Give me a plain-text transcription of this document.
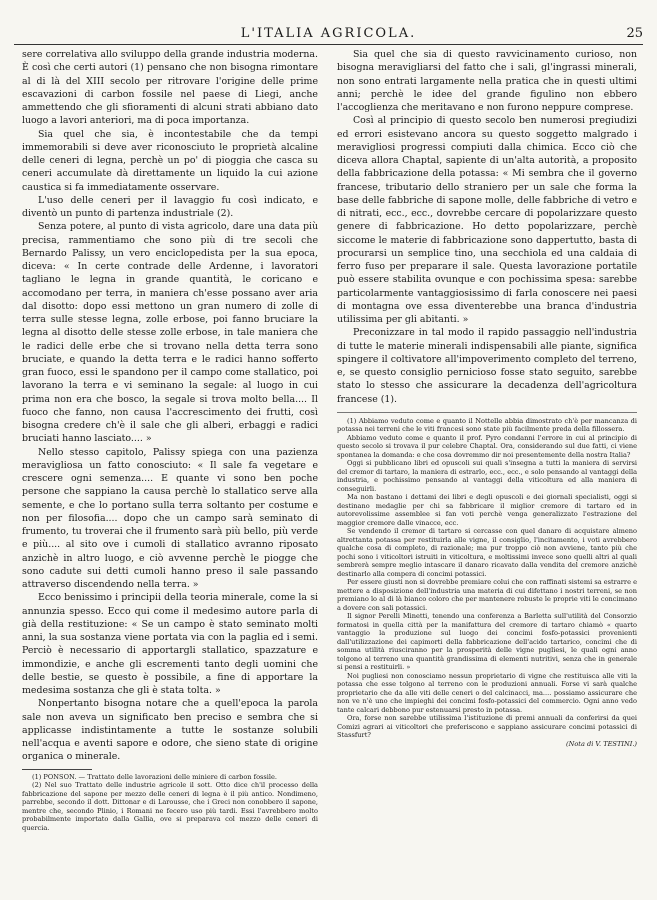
L'ITALIA AGRICOLA.	25

sere correlativa allo sviluppo della grande industria moderna. È così che certi autori (1) pensano che non bisogna rimontare al di là del XIII secolo per ritrovare l'origine delle prime escavazioni di carbon fossile nel paese di Liegi, anche ammettendo che gli sfioramenti di alcuni strati abbiano dato luogo a lavori anteriori, ma di poca importanza.

Sia quel che sia, è incontestabile che da tempi immemorabili si deve aver riconosciuto le proprietà alcaline delle ceneri di legna, perchè un po' di pioggia che casca su ceneri accumulate dà direttamente un liquido la cui azione caustica si fa immediatamente osservare.

L'uso delle ceneri per il lavaggio fu così indicato, e diventò un punto di partenza industriale (2).

Senza potere, al punto di vista agricolo, dare una data più precisa, rammentiamo che sono più di tre secoli che Bernardo Palissy, un vero enciclopedista per la sua epoca, diceva: « In certe contrade delle Ardenne, i lavoratori tagliano le legna in grande quantità, le coricano e accomodano per terra, in maniera ch'esse possano aver aria dal disotto: dopo essi mettono un gran numero di zolle di terra sulle stesse legna, zolle erbose, poi fanno bruciare la legna al disotto delle stesse zolle erbose, in tale maniera che le radici delle erbe che si trovano nella detta terra sono bruciate, e quando la detta terra e le radici hanno sofferto gran fuoco, essi le spandono per il campo come stallatico, poi lavorano la terra e vi seminano la segale: al luogo in cui prima non era che bosco, la segale si trova molto bella.... Il fuoco che fanno, non causa l'accrescimento dei frutti, così bisogna credere ch'è il sale che gli alberi, erbaggi e radici bruciati hanno lasciato.... »

Nello stesso capitolo, Palissy spiega con una pazienza meravigliosa un fatto conosciuto: « Il sale fa vegetare e crescere ogni semenza.... E quante vi sono ben poche persone che sappiano la causa perchè lo stallatico serve alla semente, e che lo portano sulla terra soltanto per costume e non per filosofia.... dopo che un campo sarà seminato di frumento, tu troverai che il frumento sarà più bello, più verde e più.... al sito ove i cumoli di stallatico avranno riposato anzichè in altro luogo, e ciò avvenne perchè le piogge che sono cadute sui detti cumoli hanno preso il sale passando attraverso discendendo nella terra. »

Ecco benissimo i principii della teoria minerale, come la si annunzia spesso. Ecco qui come il medesimo autore parla di già della restituzione: « Se un campo è stato seminato molti anni, la sua sostanza viene portata via con la paglia ed i semi. Perciò è necessario di apportargli stallatico, spazzature e immondizie, e anche gli escrementi tanto degli uomini che delle bestie, se questo è possibile, a fine di apportare la medesima sostanza che gli è stata tolta. »

Nonpertanto bisogna notare che a quell'epoca la parola sale non aveva un significato ben preciso e sembra che si applicasse indistintamente a tutte le sostanze solubili nell'acqua e aventi sapore e odore, che sieno state di origine organica o minerale.

(1) PONSON. — Trattato delle lavorazioni delle miniere di carbon fossile.

(2) Nel suo Trattato delle industrie agricole il sott. Otto dice ch'il processo della fabbricazione del sapone per mezzo delle ceneri di legna è il più antico. Nondimeno, parrebbe, secondo il dott. Dittonar e di Larousse, che i Greci non conobbero il sapone, mentre che, secondo Plinio, i Romani ne fecero uso più tardi. Essi l'avrebbero molto probabilmente importato dalla Gallia, ove si preparava col mezzo delle ceneri di quercia.

Sia quel che sia di questo ravvicinamento curioso, non bisogna meravigliarsi del fatto che i sali, gl'ingrassi minerali, non sono entrati largamente nella pratica che in questi ultimi anni; perchè le idee del grande figulino non ebbero l'accoglienza che meritavano e non furono neppure comprese.

Così al principio di questo secolo ben numerosi pregiudizi ed errori esistevano ancora su questo soggetto malgrado i meravigliosi progressi compiuti dalla chimica. Ecco ciò che diceva allora Chaptal, sapiente di un'alta autorità, a proposito della fabbricazione della potassa: « Mi sembra che il governo francese, tributario dello straniero per un sale che forma la base delle fabbriche di sapone molle, delle fabbriche di vetro e di nitrati, ecc., ecc., dovrebbe cercare di popolarizzare questo genere di fabbricazione. Ho detto popolarizzare, perchè siccome le materie di fabbricazione sono dappertutto, basta di procurarsi un semplice tino, una secchiola ed una caldaia di ferro fuso per preparare il sale. Questa lavorazione portatile può essere stabilita ovunque e con pochissima spesa: sarebbe particolarmente vantaggiosissimo di farla conoscere nei paesi di montagna ove essa diventerebbe una branca d'industria utilissima per gli abitanti. »

Preconizzare in tal modo il rapido passaggio nell'industria di tutte le materie minerali indispensabili alle piante, significa spingere il coltivatore all'impoverimento completo del terreno, e, se questo consiglio pernicioso fosse stato seguito, sarebbe stato lo stesso che assicurare la decadenza dell'agricoltura francese (1).

(1) Abbiamo veduto come e quanto il Nottelle abbia dimostrato ch'è per mancanza di potassa nei terreni che le viti francesi sono state più facilmente preda della fillossera.

Abbiamo veduto come e quanto il prof. Pyro condanni l'errore in cui al principio di questo secolo si trovava il pur celebre Chaptal. Ora, considerando sul due fatti, ci viene spontanea la domanda: e che cosa dovremmo dir noi presentemente della nostra Italia?

Oggi si pubblicano libri ed opuscoli sui quali s'insegna a tutti la maniera di servirsi del cremor di tartaro, la maniera di estrarlo, ecc., ecc., e solo pensando al vantaggi della industria, e pochissimo pensando al vantaggi della viticoltura ed alla maniera di conseguirli.

Ma non bastano i dettami dei libri e degli opuscoli e dei giornali specialisti, oggi si destinano medaglie per chi sa fabbricare il miglior cremore di tartaro ed in autorevolissime assemblee si fan voti perchè venga generalizzato l'estrazione del maggior cremore dalle vinacce, ecc.

Se vendendo il cremor di tartaro si cercasse con quel danaro di acquistare almeno altrettanta potassa per restituirla alle vigne, il consiglio, l'incitamento, i voti avrebbero qualche cosa di completo, di razionale; ma pur troppo ciò non avviene, tanto più che pochi sono i viticoltori istruiti in viticoltura, e moltissimi invece sono quelli altri al quali sembrerà sempre meglio intascare il danaro ricavato dalla vendita del cremore anzichè destinarlo alla compera di concimi potassici.

Per essere giusti non si dovrebbe premiare colui che con raffinati sistemi sa estrarre e mettere a disposizione dell'industria una materia di cui difettano i nostri terreni, se non premiano lo al di là bianco coloro che per mantenere robuste le proprie viti le concimano a dovere con sali potassici.

Il signor Perelli Minetti, tenendo una conferenza a Barletta sull'utilità del Consorzio formatosi in quella città per la manifattura del cremore di tartaro chiamò « quarto vantaggio la produzione sul luogo dei concimi fosfo-potassici provenienti dall'utilizzazione dei capimorti della fabbricazione dell'acido tartarico, concimi che di somma utilità riusciranno per la prosperità delle vigne pugliesi, le quali ogni anno tolgono al terreno una quantità grandissima di elementi nutritivi, senza che in generale si pensi a restituirli. »

Noi pugliesi non conosciamo nessun proprietario di vigne che restituisca alle viti la potassa che esse tolgono al terreno con le produzioni annuali. Forse vi sarà qualche proprietario che da alle viti delle ceneri o del calcinacci, ma.... possiamo assicurare che non ve n'è uno che impieghi dei concimi fosfo-potassici del commercio. Ogni anno vedo tante calcari debbono pur estenuarsi presto in potassa.

Ora, forse non sarebbe utilissima l'istituzione di premi annuali da conferirsi da quei Comizi agrari ai viticoltori che preferiscono e sappiano assicurare concimi potassici di Stassfurt?

(Nota di V. TESTINI.)
